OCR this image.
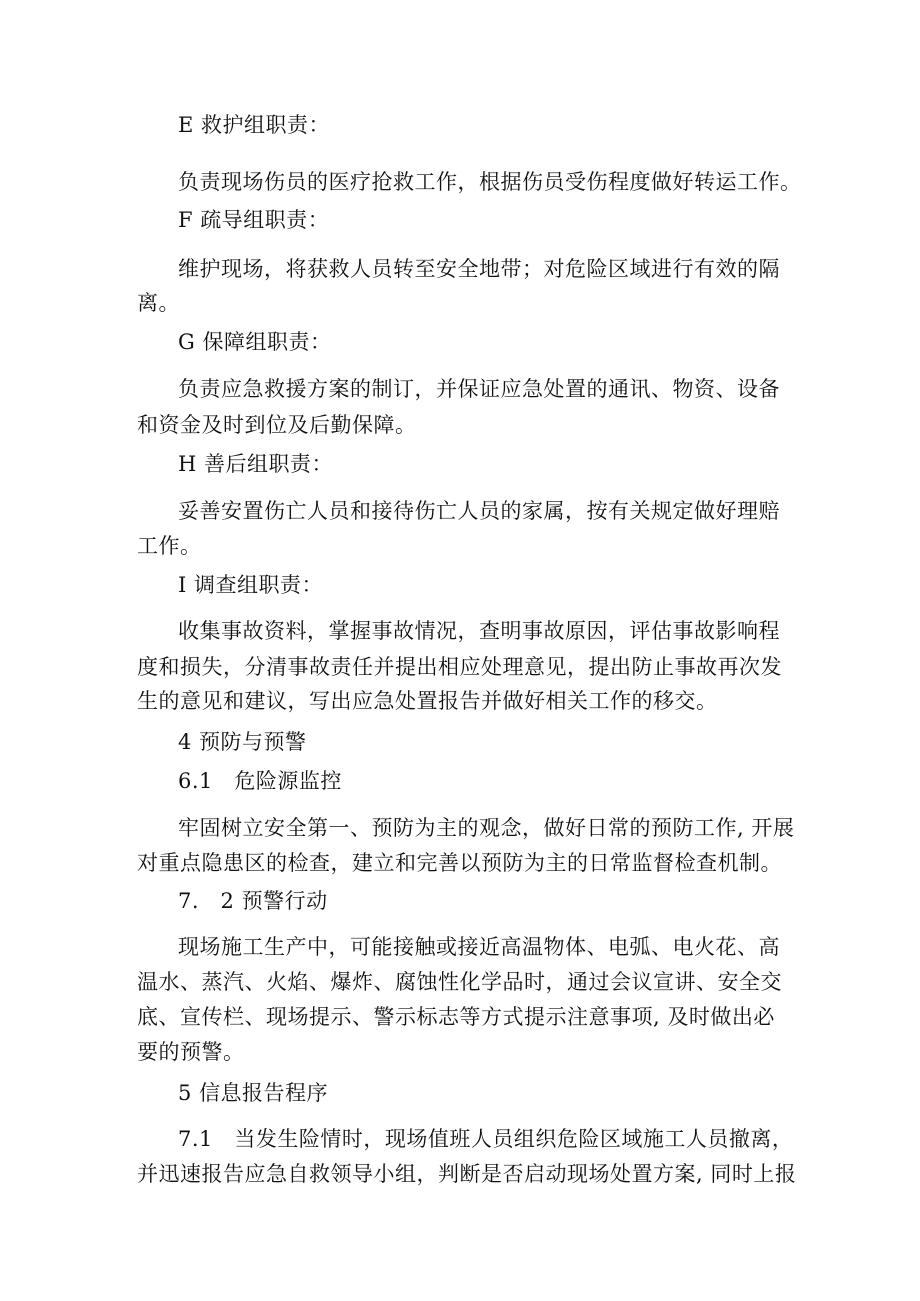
E 救护组职责：
负责现场伤员的医疗抢救工作，根据伤员受伤程度做好转运工作。
F 疏导组职责：
维护现场，将获救人员转至安全地带；对危险区域进行有效的隔
离。
G 保障组职责：
负责应急救援方案的制订，并保证应急处置的通讯、物资、设备
和资金及时到位及后勤保障。
H 善后组职责：
妥善安置伤亡人员和接待伤亡人员的家属，按有关规定做好理赔
工作。
I 调查组职责：
收集事故资料，掌握事故情况，查明事故原因，评估事故影响程
度和损失，分清事故责任并提出相应处理意见，提出防止事故再次发
生的意见和建议，写出应急处置报告并做好相关工作的移交。
4 预防与预警
6.1　危险源监控
牢固树立安全第一、预防为主的观念，做好日常的预防工作, 开展
对重点隐患区的检查，建立和完善以预防为主的日常监督检查机制。
7.　2 预警行动
现场施工生产中，可能接触或接近高温物体、电弧、电火花、高
温水、蒸汽、火焰、爆炸、腐蚀性化学品时，通过会议宣讲、安全交
底、宣传栏、现场提示、警示标志等方式提示注意事项, 及时做出必
要的预警。
5 信息报告程序
7.1　当发生险情时，现场值班人员组织危险区域施工人员撤离，
并迅速报告应急自救领导小组，判断是否启动现场处置方案, 同时上报
